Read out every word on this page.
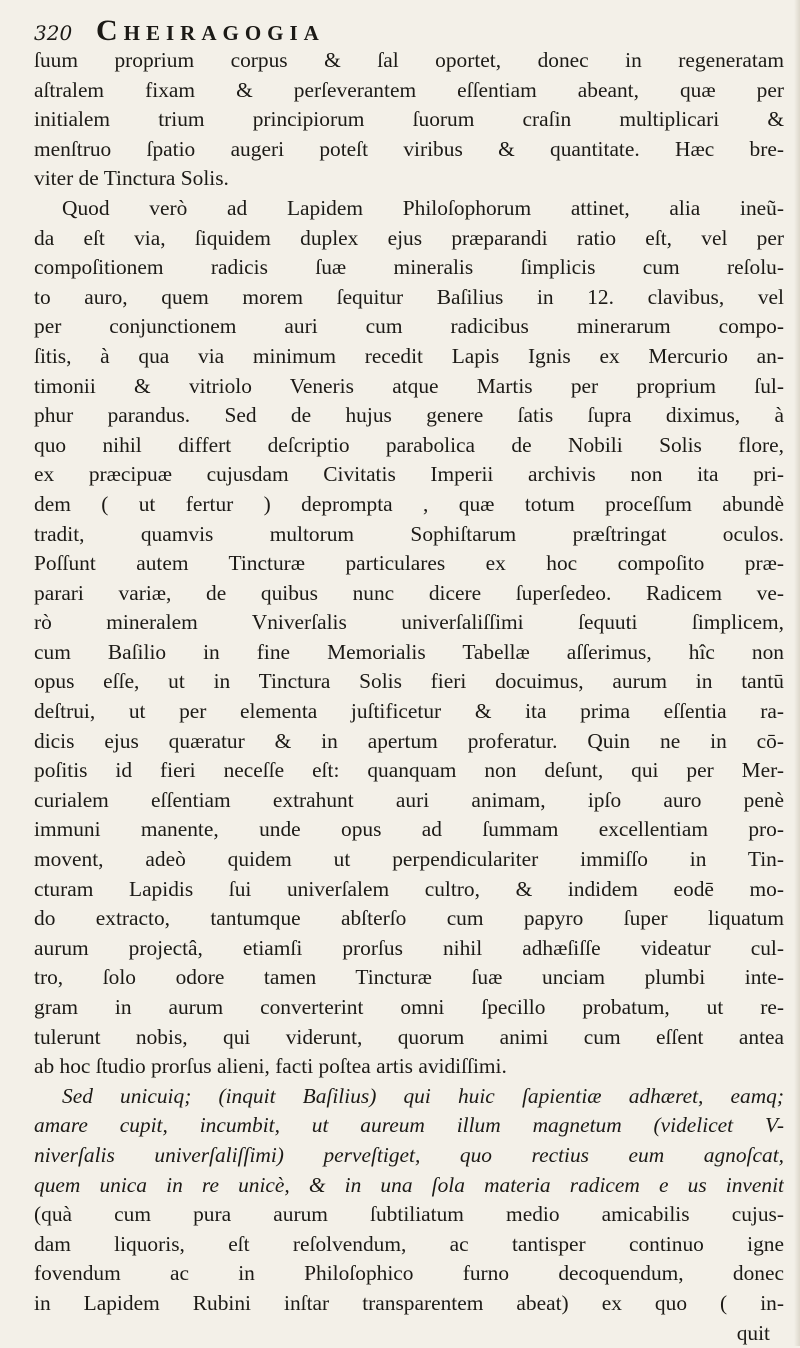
320 Cheiragogia
ſuum proprium corpus & ſal oportet, donec in regeneratam
aſtralem fixam & perſeverantem eſſentiam abeant, quæ per
initialem trium principiorum ſuorum craſin multiplicari &
menſtruo ſpatio augeri poteſt viribus & quantitate. Hæc bre-
viter de Tinctura Solis.
Quod verò ad Lapidem Philoſophorum attinet, alia ineũ-
da eſt via, ſiquidem duplex ejus præparandi ratio eſt, vel per
compoſitionem radicis ſuæ mineralis ſimplicis cum reſolu-
to auro, quem morem ſequitur Baſilius in 12. clavibus, vel
per conjunctionem auri cum radicibus minerarum compo-
ſitis, à qua via minimum recedit Lapis Ignis ex Mercurio an-
timonii & vitriolo Veneris atque Martis per proprium ſul-
phur parandus. Sed de hujus genere ſatis ſupra diximus, à
quo nihil differt deſcriptio parabolica de Nobili Solis flore,
ex præcipuæ cujusdam Civitatis Imperii archivis non ita pri-
dem ( ut fertur ) deprompta , quæ totum proceſſum abundè
tradit, quamvis multorum Sophiſtarum præſtringat oculos.
Poſſunt autem Tincturæ particulares ex hoc compoſito præ-
parari variæ, de quibus nunc dicere ſuperſedeo. Radicem ve-
rò mineralem Vniverſalis univerſaliſſimi ſequuti ſimplicem,
cum Baſilio in fine Memorialis Tabellæ aſſerimus, hîc non
opus eſſe, ut in Tinctura Solis fieri docuimus, aurum in tantū
deſtrui, ut per elementa juſtificetur & ita prima eſſentia ra-
dicis ejus quæratur & in apertum proferatur. Quin ne in cō-
poſitis id fieri neceſſe eſt: quanquam non deſunt, qui per Mer-
curialem eſſentiam extrahunt auri animam, ipſo auro penè
immuni manente, unde opus ad ſummam excellentiam pro-
movent, adeò quidem ut perpendiculariter immiſſo in Tin-
cturam Lapidis ſui univerſalem cultro, & indidem eodē mo-
do extracto, tantumque abſterſo cum papyro ſuper liquatum
aurum projectâ, etiamſi prorſus nihil adhæſiſſe videatur cul-
tro, ſolo odore tamen Tincturæ ſuæ unciam plumbi inte-
gram in aurum converterint omni ſpecillo probatum, ut re-
tulerunt nobis, qui viderunt, quorum animi cum eſſent antea
ab hoc ſtudio prorſus alieni, facti poſtea artis avidiſſimi.
Sed unicuiq; (inquit Baſilius) qui huic ſapientiæ adhæret, eamq;
amare cupit, incumbit, ut aureum illum magnetum (videlicet V-
niverſalis univerſaliſſimi) perveſtiget, quo rectius eum agnoſcat,
quem unica in re unicè, & in una ſola materia radicem e us invenit
(quà cum pura aurum ſubtiliatum medio amicabilis cujus-
dam liquoris, eſt reſolvendum, ac tantisper continuo igne
fovendum ac in Philoſophico furno decoquendum, donec
in Lapidem Rubini inſtar transparentem abeat) ex quo ( in-
quit
